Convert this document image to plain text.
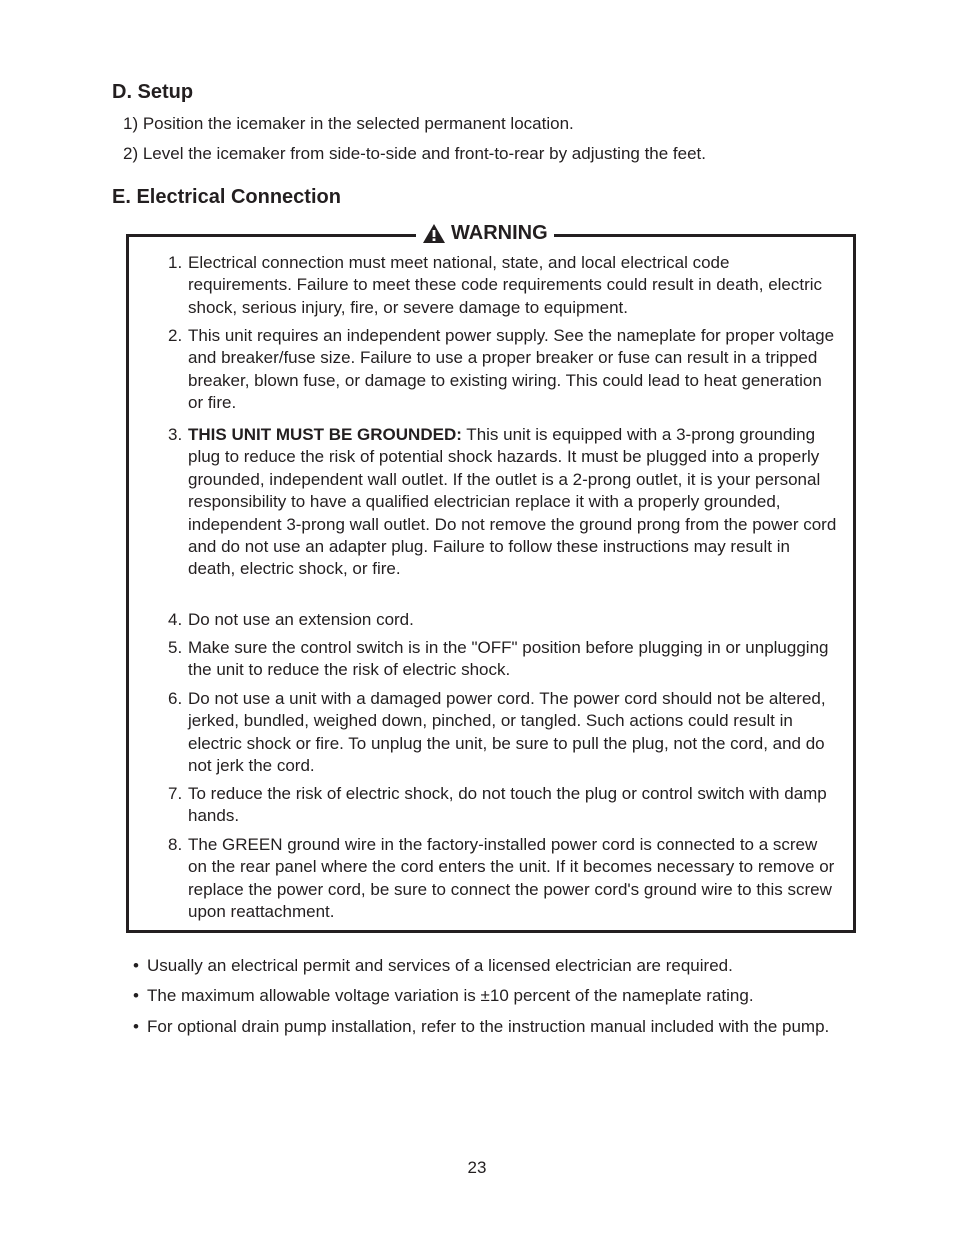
D. Setup
1) Position the icemaker in the selected permanent location.
2) Level the icemaker from side-to-side and front-to-rear by adjusting the feet.
E. Electrical Connection
WARNING
1. Electrical connection must meet national, state, and local electrical code requirements. Failure to meet these code requirements could result in death, electric shock, serious injury, fire, or severe damage to equipment.
2. This unit requires an independent power supply. See the nameplate for proper voltage and breaker/fuse size. Failure to use a proper breaker or fuse can result in a tripped breaker, blown fuse, or damage to existing wiring. This could lead to heat generation or fire.
3. THIS UNIT MUST BE GROUNDED: This unit is equipped with a 3-prong grounding plug to reduce the risk of potential shock hazards. It must be plugged into a properly grounded, independent wall outlet. If the outlet is a 2-prong outlet, it is your personal responsibility to have a qualified electrician replace it with a properly grounded, independent 3-prong wall outlet. Do not remove the ground prong from the power cord and do not use an adapter plug. Failure to follow these instructions may result in death, electric shock, or fire.
4. Do not use an extension cord.
5. Make sure the control switch is in the "OFF" position before plugging in or unplugging the unit to reduce the risk of electric shock.
6. Do not use a unit with a damaged power cord. The power cord should not be altered, jerked, bundled, weighed down, pinched, or tangled. Such actions could result in electric shock or fire. To unplug the unit, be sure to pull the plug, not the cord, and do not jerk the cord.
7. To reduce the risk of electric shock, do not touch the plug or control switch with damp hands.
8. The GREEN ground wire in the factory-installed power cord is connected to a screw on the rear panel where the cord enters the unit. If it becomes necessary to remove or replace the power cord, be sure to connect the power cord's ground wire to this screw upon reattachment.
• Usually an electrical permit and services of a licensed electrician are required.
• The maximum allowable voltage variation is ±10 percent of the nameplate rating.
• For optional drain pump installation, refer to the instruction manual included with the pump.
23
